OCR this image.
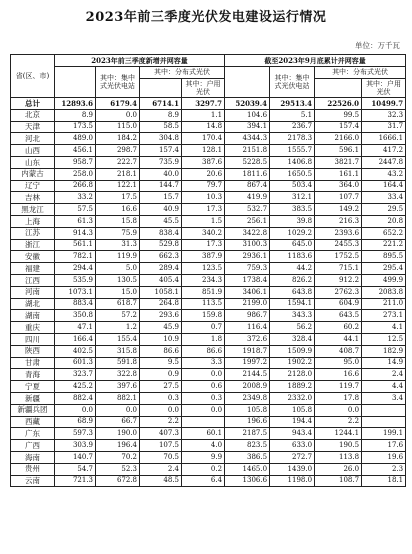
2023年前三季度光伏发电建设运行情况
单位：万千瓦
省(区、市)	2023年前三季度新增并网容量				截至2023年9月底累计并网容量			
		其中：集中式光伏电站	其中：分布式光伏			其中：集中式光伏电站	其中：分布式光伏	
				其中：户用光伏				其中：户用光伏

总计	12893.6	6179.4	6714.1	3297.7	52039.4	29513.4	22526.0	10499.7
北京	8.9	0.0	8.9	1.1	104.6	5.1	99.5	32.3
天津	173.5	115.0	58.5	14.8	394.1	236.7	157.4	31.7
河北	489.0	184.2	304.8	170.4	4344.3	2178.3	2166.0	1666.1
山西	456.1	298.7	157.4	128.1	2151.8	1555.7	596.1	417.2
山东	958.7	222.7	735.9	387.6	5228.5	1406.8	3821.7	2447.8
内蒙古	258.0	218.1	40.0	20.6	1811.6	1650.5	161.1	43.2
辽宁	266.8	122.1	144.7	79.7	867.4	503.4	364.0	164.4
吉林	33.2	17.5	15.7	10.3	419.9	312.1	107.7	33.4
黑龙江	57.5	16.6	40.9	17.3	532.7	383.5	149.2	29.5
上海	61.3	15.8	45.5	1.5	256.1	39.8	216.3	20.8
江苏	914.3	75.9	838.4	340.2	3422.8	1029.2	2393.6	652.2
浙江	561.1	31.3	529.8	17.3	3100.3	645.0	2455.3	221.2
安徽	782.1	119.9	662.3	387.9	2936.1	1183.6	1752.5	895.5
福建	294.4	5.0	289.4	123.5	759.3	44.2	715.1	295.4
江西	535.9	130.5	405.4	234.3	1738.4	826.2	912.2	499.9
河南	1073.1	15.0	1058.1	851.9	3406.1	643.8	2762.3	2083.8
湖北	883.4	618.7	264.8	113.5	2199.0	1594.1	604.9	211.0
湖南	350.8	57.2	293.6	159.8	986.7	343.3	643.5	273.1
重庆	47.1	1.2	45.9	0.7	116.4	56.2	60.2	4.1
四川	166.4	155.4	10.9	1.8	372.6	328.4	44.1	12.5
陕西	402.5	315.8	86.6	86.6	1918.7	1509.9	408.7	182.9
甘肃	601.3	591.8	9.5	3.3	1997.2	1902.2	95.0	14.9
青海	323.7	322.8	0.9	0.0	2144.5	2128.0	16.6	2.4
宁夏	425.2	397.6	27.5	0.6	2008.9	1889.2	119.7	4.4
新疆	882.4	882.1	0.3	0.3	2349.8	2332.0	17.8	3.4
新疆兵团	0.0	0.0	0.0	0.0	105.8	105.8	0.0	
西藏	68.9	66.7	2.2		196.6	194.4	2.2	
广东	597.3	190.0	407.3	60.1	2187.5	943.4	1244.1	199.1
广西	303.9	196.4	107.5	4.0	823.5	633.0	190.5	17.6
海南	140.7	70.2	70.5	9.9	386.5	272.7	113.8	19.6
贵州	54.7	52.3	2.4	0.2	1465.0	1439.0	26.0	2.3
云南	721.3	672.8	48.5	6.4	1306.6	1198.0	108.7	18.1
